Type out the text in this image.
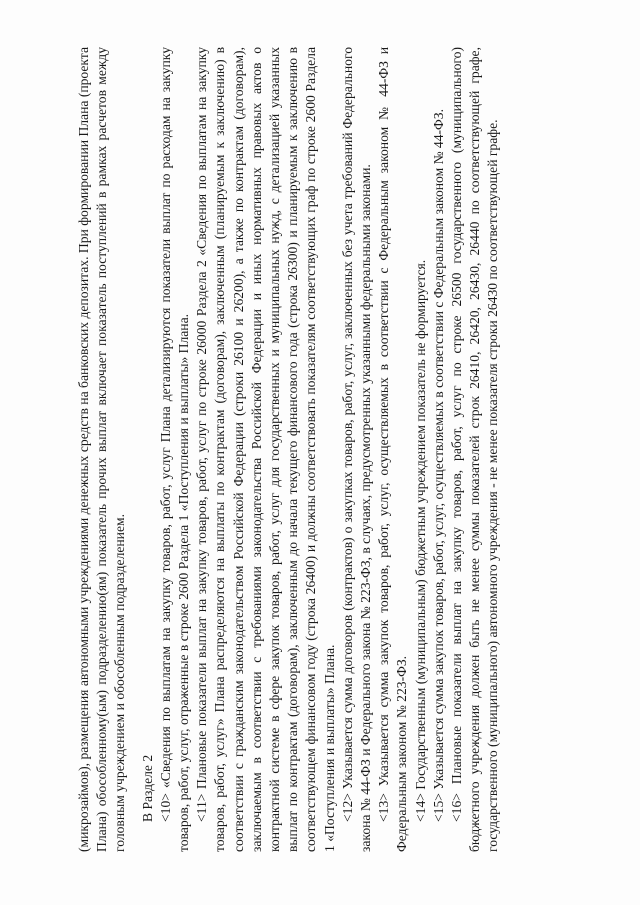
(микрозаймов), размещения автономными учреждениями денежных средств на банковских депозитах. При формировании Плана (проекта Плана) обособленному(ым) подразделению(ям) показатель прочих выплат включает показатель поступлений в рамках расчетов между головным учреждением и обособленным подразделением. В Разделе 2 <10> «Сведения по выплатам на закупку товаров, работ, услуг Плана детализируются показатели выплат по расходам на закупку товаров, работ, услуг, отраженные в строке 2600 Раздела 1 «Поступления и выплаты» Плана. <11> Плановые показатели выплат на закупку товаров, работ, услуг по строке 26000 Раздела 2 «Сведения по выплатам на закупку товаров, работ, услуг» Плана распределяются на выплаты по контрактам (договорам), заключенным (планируемым к заключению) в соответствии с гражданским законодательством Российской Федерации (строки 26100 и 26200), а также по контрактам (договорам), заключаемым в соответствии с требованиями законодательства Российской Федерации и иных нормативных правовых актов о контрактной системе в сфере закупок товаров, работ, услуг для государственных и муниципальных нужд, с детализацией указанных выплат по контрактам (договорам), заключенным до начала текущего финансового года (строка 26300) и планируемым к заключению в соответствующем финансовом году (строка 26400) и должны соответствовать показателям соответствующих граф по строке 2600 Раздела 1 «Поступления и выплаты» Плана. <12> Указывается сумма договоров (контрактов) о закупках товаров, работ, услуг, заключенных без учета требований Федерального закона № 44-ФЗ и Федерального закона № 223-ФЗ, в случаях, предусмотренных указанными федеральными законами. <13> Указывается сумма закупок товаров, работ, услуг, осуществляемых в соответствии с Федеральным законом № 44-ФЗ и Федеральным законом № 223-ФЗ. <14> Государственным (муниципальным) бюджетным учреждением показатель не формируется. <15> Указывается сумма закупок товаров, работ, услуг, осуществляемых в соответствии с Федеральным законом № 44-ФЗ. <16> Плановые показатели выплат на закупку товаров, работ, услуг по строке 26500 государственного (муниципального) бюджетного учреждения должен быть не менее суммы показателей строк 26410, 26420, 26430, 26440 по соответствующей графе, государственного (муниципального) автономного учреждения - не менее показателя строки 26430 по соответствующей графе.
